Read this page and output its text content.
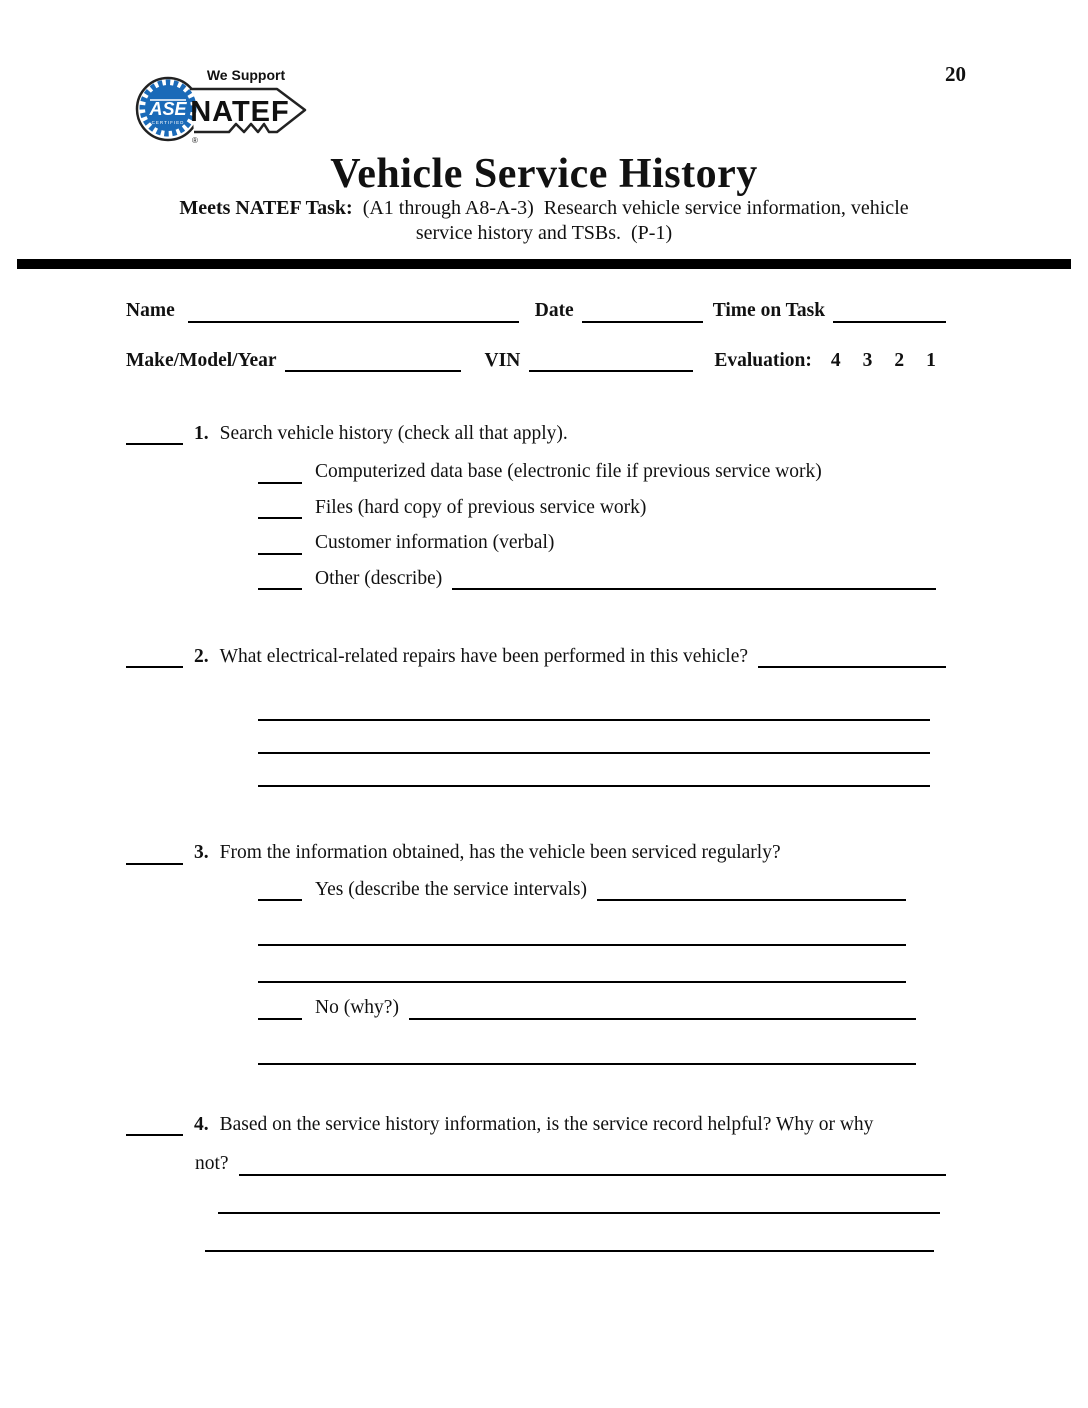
20
ASE
CERTIFIED
®
We Support
NATEF
Vehicle Service History
Meets NATEF Task:  (A1 through A8-A-3)  Research vehicle service information, vehicle
service history and TSBs.  (P-1)
Name	Date	Time on Task
Make/Model/Year	VIN	Evaluation: 4 3 2 1
1. Search vehicle history (check all that apply).
Computerized data base (electronic file if previous service work)
Files (hard copy of previous service work)
Customer information (verbal)
Other (describe)
2. What electrical-related repairs have been performed in this vehicle?
3. From the information obtained, has the vehicle been serviced regularly?
Yes (describe the service intervals)
No (why?)
4. Based on the service history information, is the service record helpful? Why or why
not?
